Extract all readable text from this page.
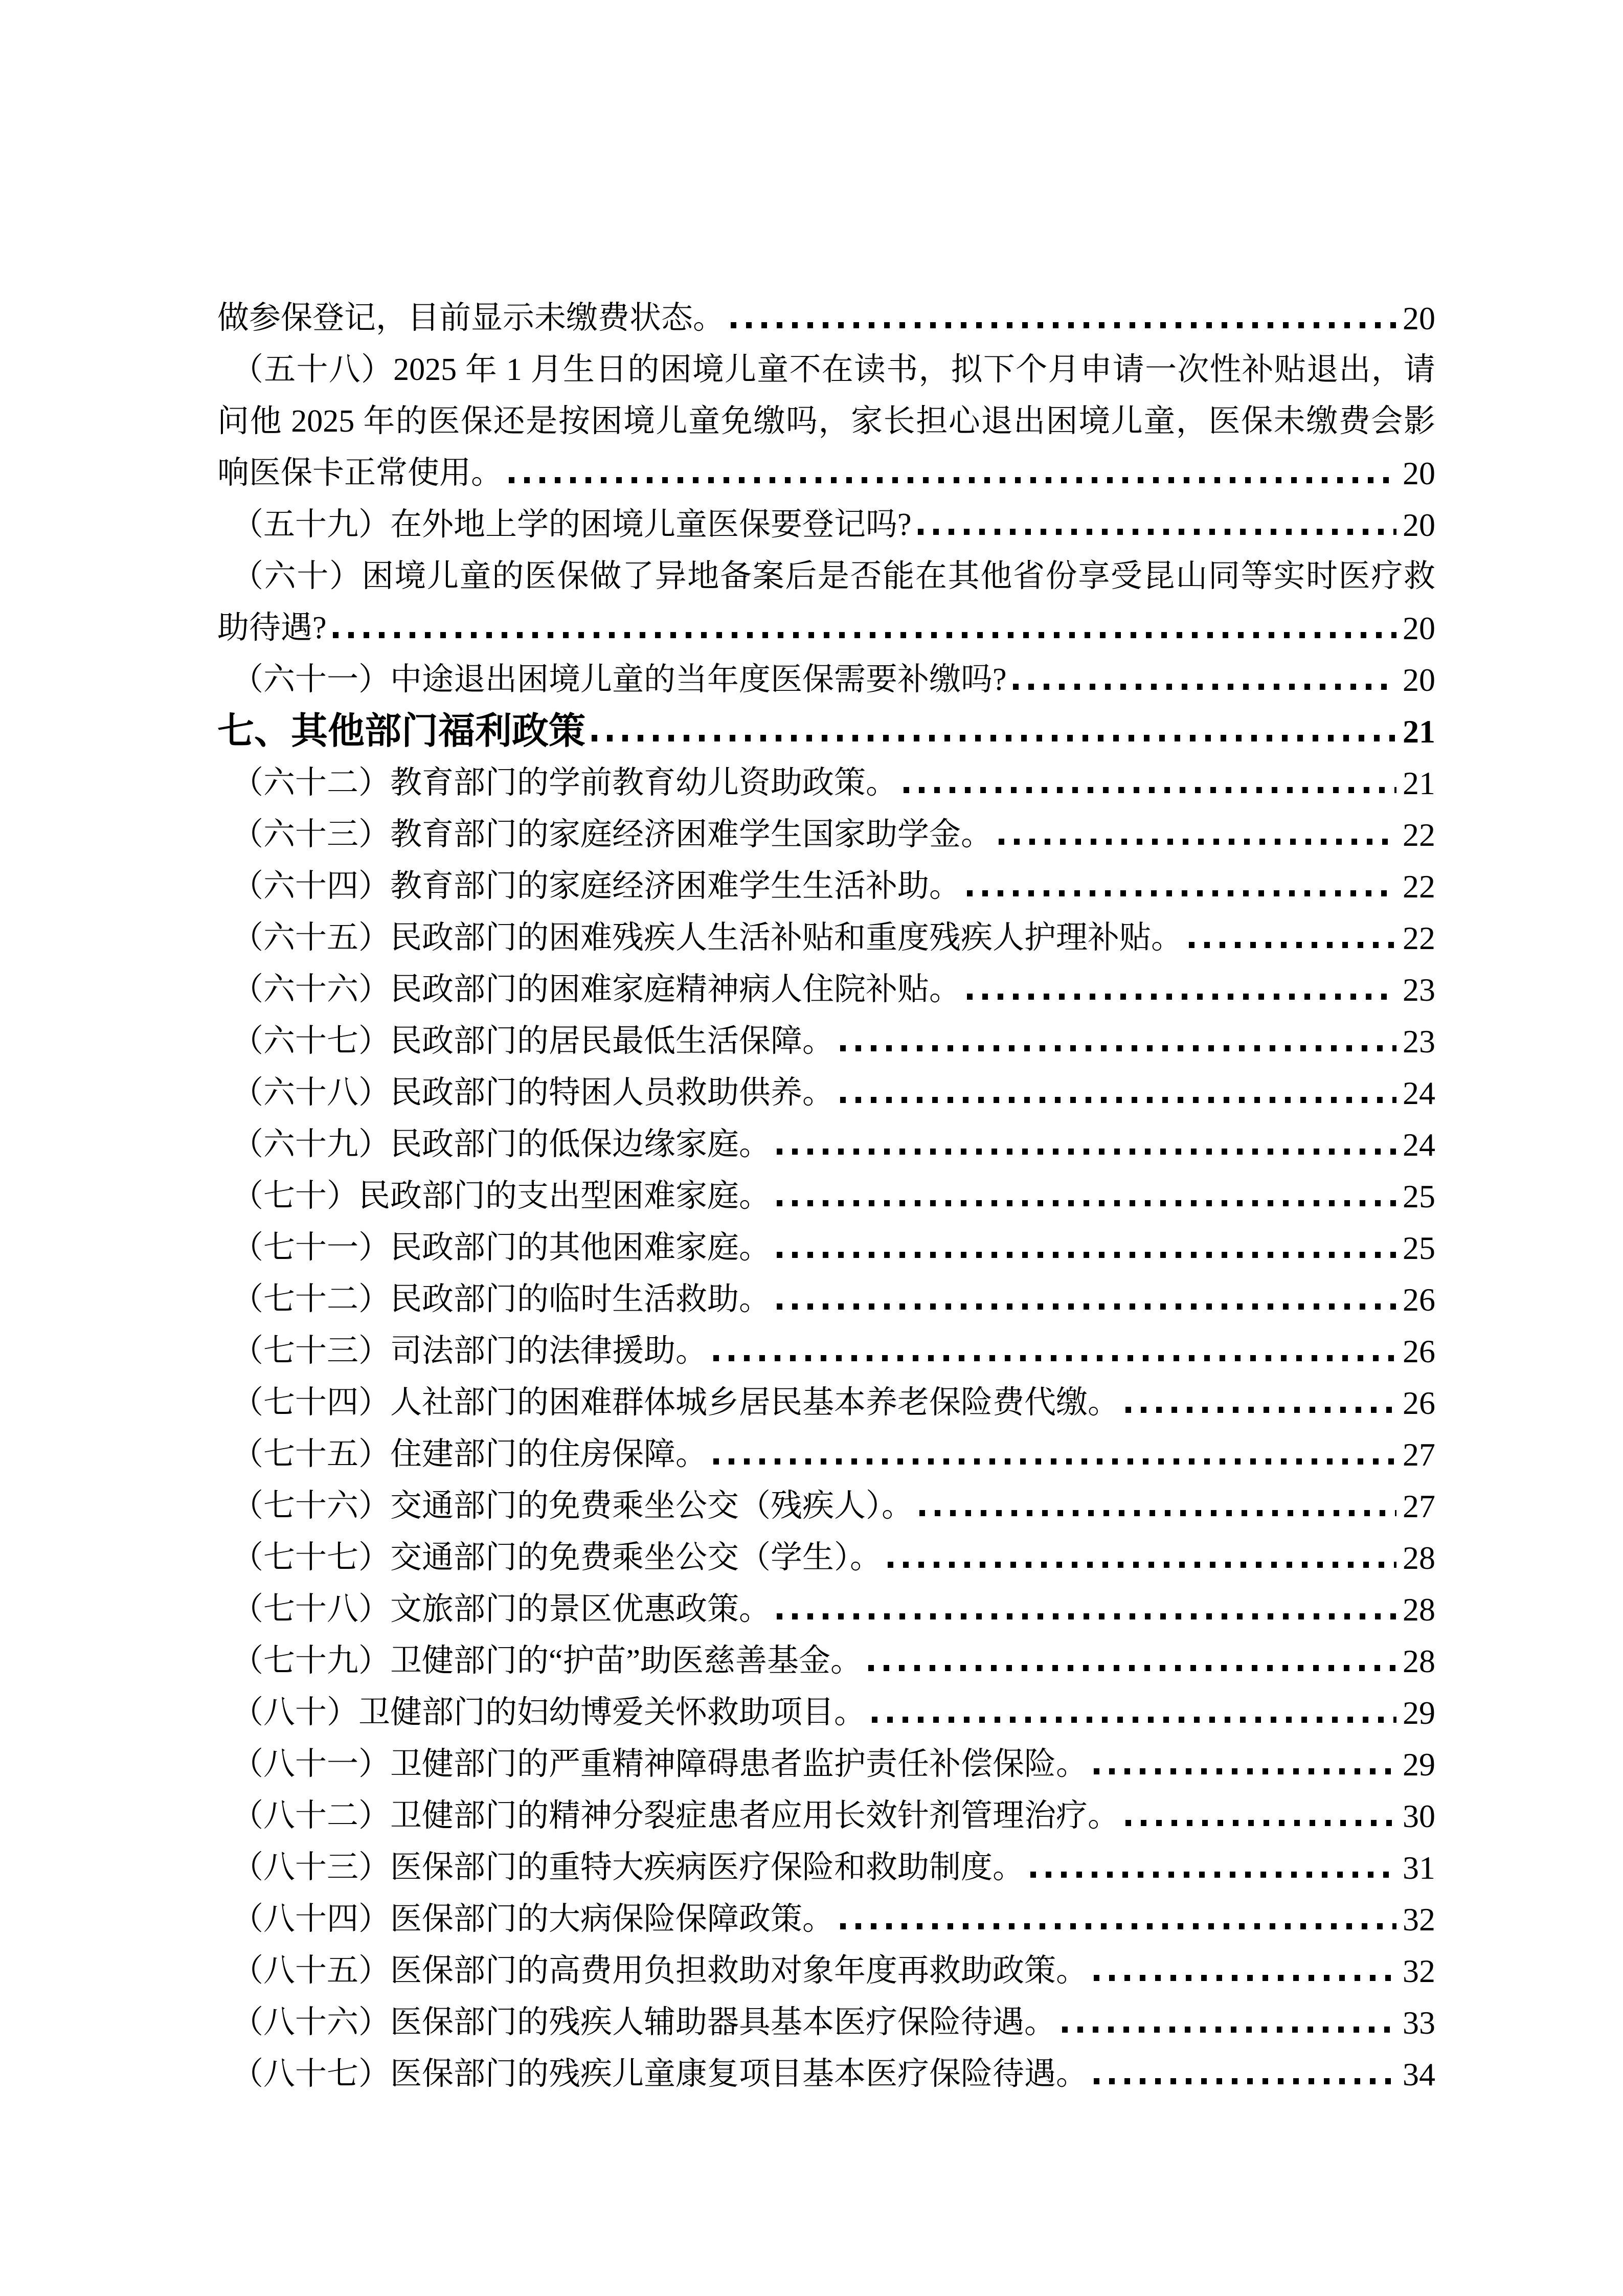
做参保登记，目前显示未缴费状态。	20
（五十八）2025 年 1 月生日的困境儿童不在读书，拟下个月申请一次性补贴退出，请
问他 2025 年的医保还是按困境儿童免缴吗，家长担心退出困境儿童，医保未缴费会影
响医保卡正常使用。	20
（五十九）在外地上学的困境儿童医保要登记吗?	20
（六十）困境儿童的医保做了异地备案后是否能在其他省份享受昆山同等实时医疗救
助待遇?	20
（六十一）中途退出困境儿童的当年度医保需要补缴吗?	20
七、其他部门福利政策	21
（六十二）教育部门的学前教育幼儿资助政策。	21
（六十三）教育部门的家庭经济困难学生国家助学金。	22
（六十四）教育部门的家庭经济困难学生生活补助。	22
（六十五）民政部门的困难残疾人生活补贴和重度残疾人护理补贴。	22
（六十六）民政部门的困难家庭精神病人住院补贴。	23
（六十七）民政部门的居民最低生活保障。	23
（六十八）民政部门的特困人员救助供养。	24
（六十九）民政部门的低保边缘家庭。	24
（七十）民政部门的支出型困难家庭。	25
（七十一）民政部门的其他困难家庭。	25
（七十二）民政部门的临时生活救助。	26
（七十三）司法部门的法律援助。	26
（七十四）人社部门的困难群体城乡居民基本养老保险费代缴。	26
（七十五）住建部门的住房保障。	27
（七十六）交通部门的免费乘坐公交（残疾人）。	27
（七十七）交通部门的免费乘坐公交（学生）。	28
（七十八）文旅部门的景区优惠政策。	28
（七十九）卫健部门的“护苗”助医慈善基金。	28
（八十）卫健部门的妇幼博爱关怀救助项目。	29
（八十一）卫健部门的严重精神障碍患者监护责任补偿保险。	29
（八十二）卫健部门的精神分裂症患者应用长效针剂管理治疗。	30
（八十三）医保部门的重特大疾病医疗保险和救助制度。	31
（八十四）医保部门的大病保险保障政策。	32
（八十五）医保部门的高费用负担救助对象年度再救助政策。	32
（八十六）医保部门的残疾人辅助器具基本医疗保险待遇。	33
（八十七）医保部门的残疾儿童康复项目基本医疗保险待遇。	34
